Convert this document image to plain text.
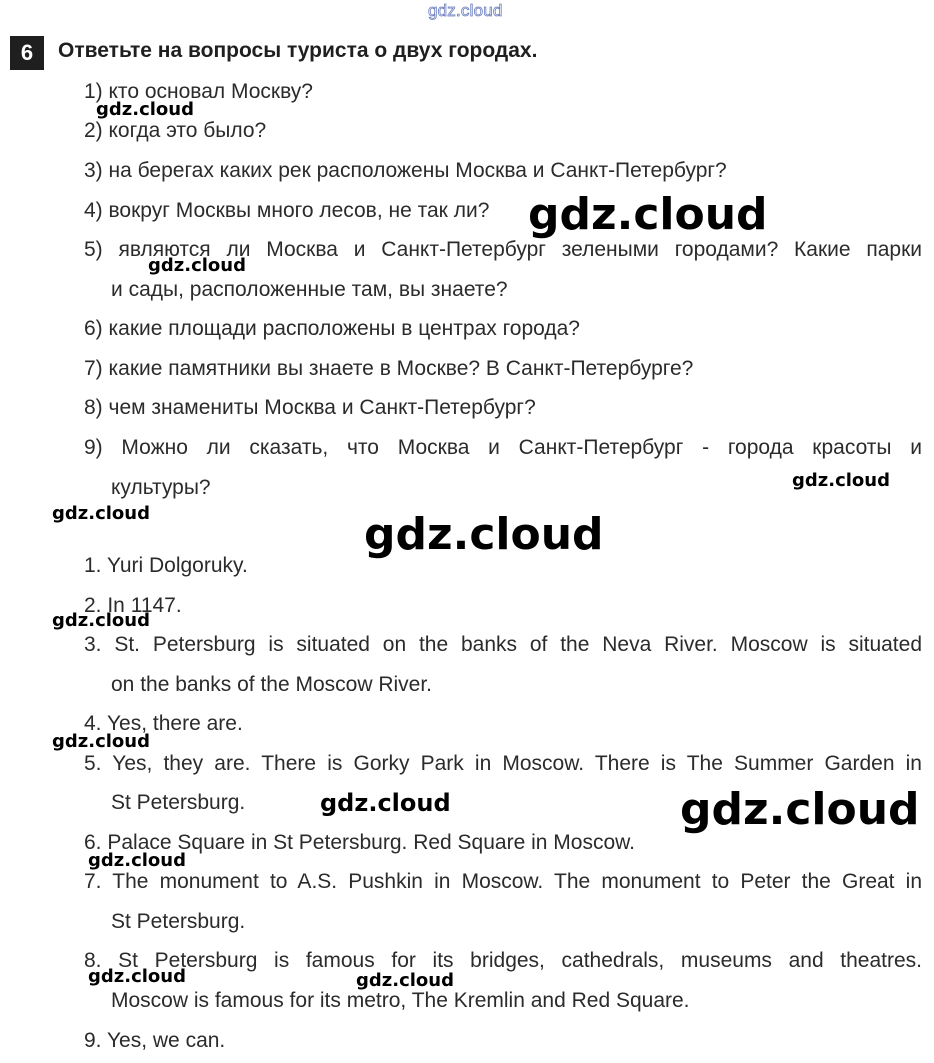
gdz.cloud
6	Ответьте на вопросы туриста о двух городах.
1) кто основал Москву?
2) когда это было?
3) на берегах каких рек расположены Москва и Санкт-Петербург?
4) вокруг Москвы много лесов, не так ли?
5) являются ли Москва и Санкт-Петербург зелеными городами? Какие парки
и сады, расположенные там, вы знаете?
6) какие площади расположены в центрах города?
7) какие памятники вы знаете в Москве? В Санкт-Петербурге?
8) чем знамениты Москва и Санкт-Петербург?
9) Можно ли сказать, что Москва и Санкт-Петербург - города красоты и
культуры?
1. Yuri Dolgoruky.
2. In 1147.
3. St. Petersburg is situated on the banks of the Neva River. Moscow is situated
on the banks of the Moscow River.
4. Yes, there are.
5. Yes, they are. There is Gorky Park in Moscow. There is The Summer Garden in
St Petersburg.
6. Palace Square in St Petersburg. Red Square in Moscow.
7. The monument to A.S. Pushkin in Moscow. The monument to Peter the Great in
St Petersburg.
8. St Petersburg is famous for its bridges, cathedrals, museums and theatres.
Moscow is famous for its metro, The Kremlin and Red Square.
9. Yes, we can.
gdz.cloud
gdz.cloud
gdz.cloud
gdz.cloud
gdz.cloud	gdz.cloud
gdz.cloud
gdz.cloud
gdz.cloud	gdz.cloud
gdz.cloud
gdz.cloud	gdz.cloud
